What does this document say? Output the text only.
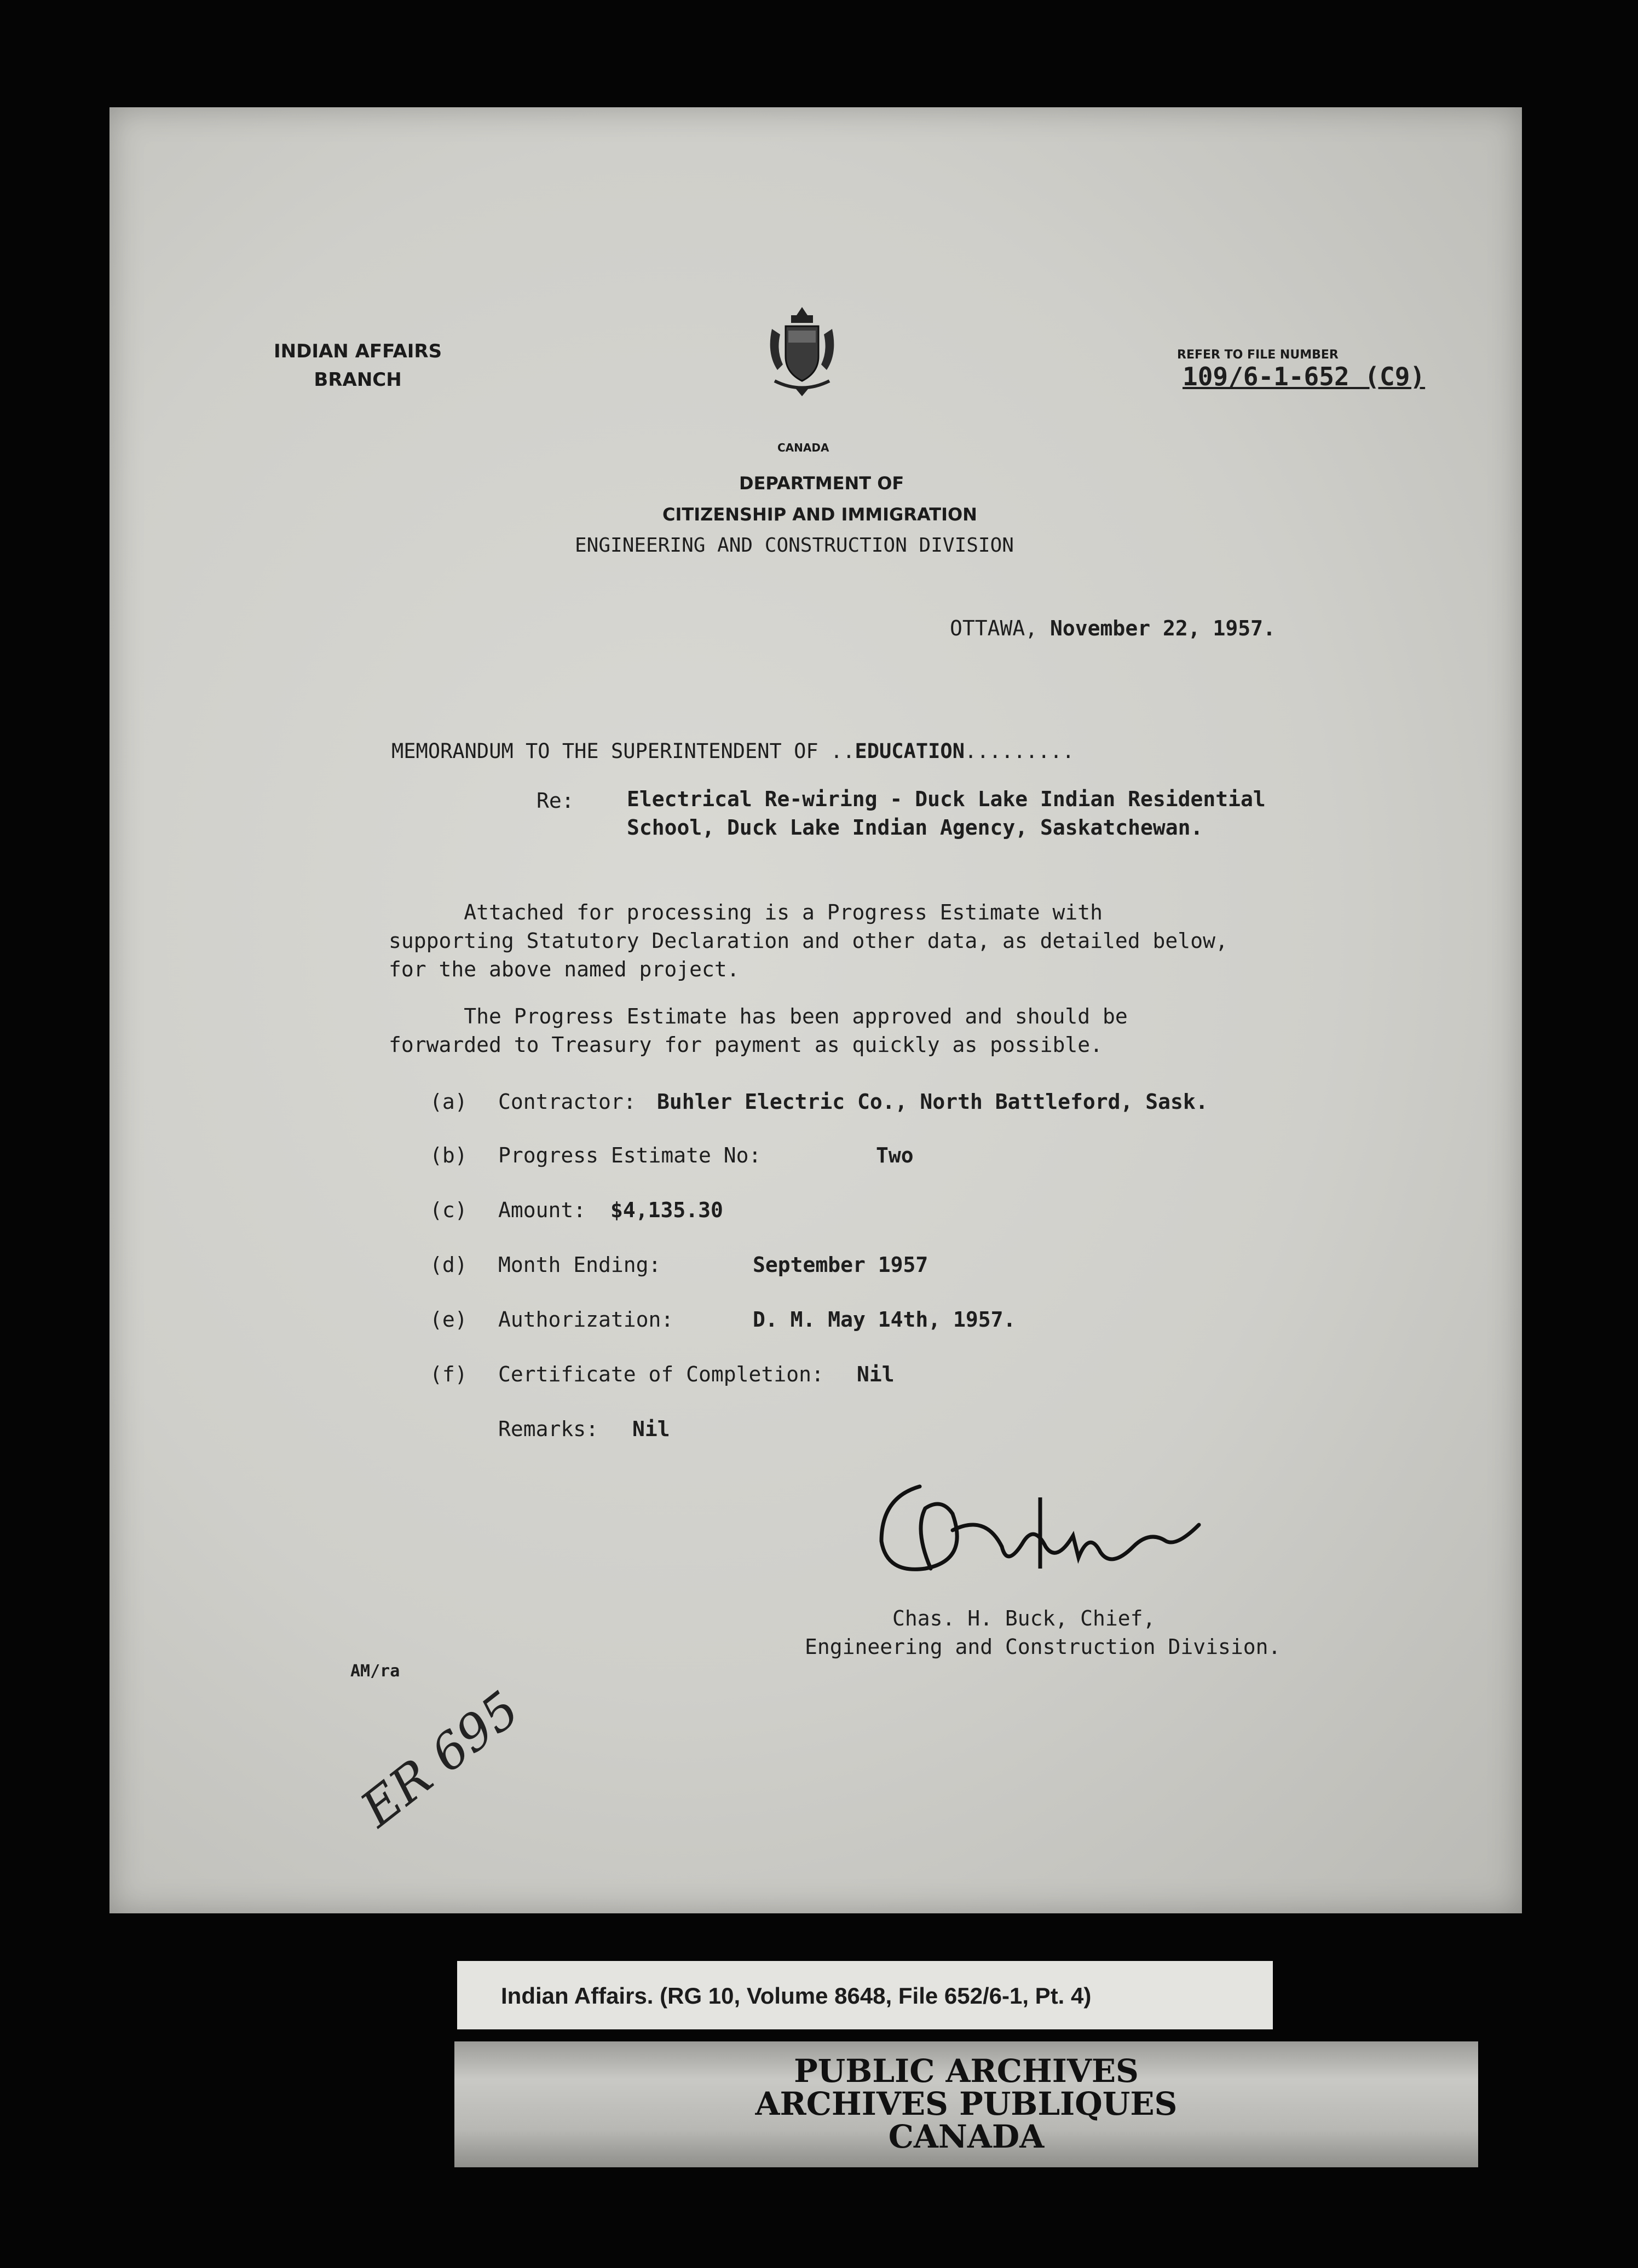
INDIAN AFFAIRS
BRANCH
CANADA
DEPARTMENT OF
CITIZENSHIP AND IMMIGRATION
ENGINEERING AND CONSTRUCTION DIVISION
REFER TO FILE NUMBER
109/6-1-652 (C9)
OTTAWA, November 22, 1957.
MEMORANDUM TO THE SUPERINTENDENT OF ..EDUCATION.........
Re:	Electrical Re-wiring - Duck Lake Indian Residential
School, Duck Lake Indian Agency, Saskatchewan.
Attached for processing is a Progress Estimate with
supporting Statutory Declaration and other data, as detailed below,
for the above named project.
The Progress Estimate has been approved and should be
forwarded to Treasury for payment as quickly as possible.
(a) Contractor: Buhler Electric Co., North Battleford, Sask.
(b) Progress Estimate No:	Two
(c) Amount: $4,135.30
(d) Month Ending:	September 1957
(e) Authorization:	D. M. May 14th, 1957.
(f) Certificate of Completion: Nil
Remarks: Nil
Chas. H. Buck, Chief,
Engineering and Construction Division.
AM/ra
ER 695
Indian Affairs. (RG 10, Volume 8648, File 652/6-1, Pt. 4)
PUBLIC ARCHIVES
ARCHIVES PUBLIQUES
CANADA
